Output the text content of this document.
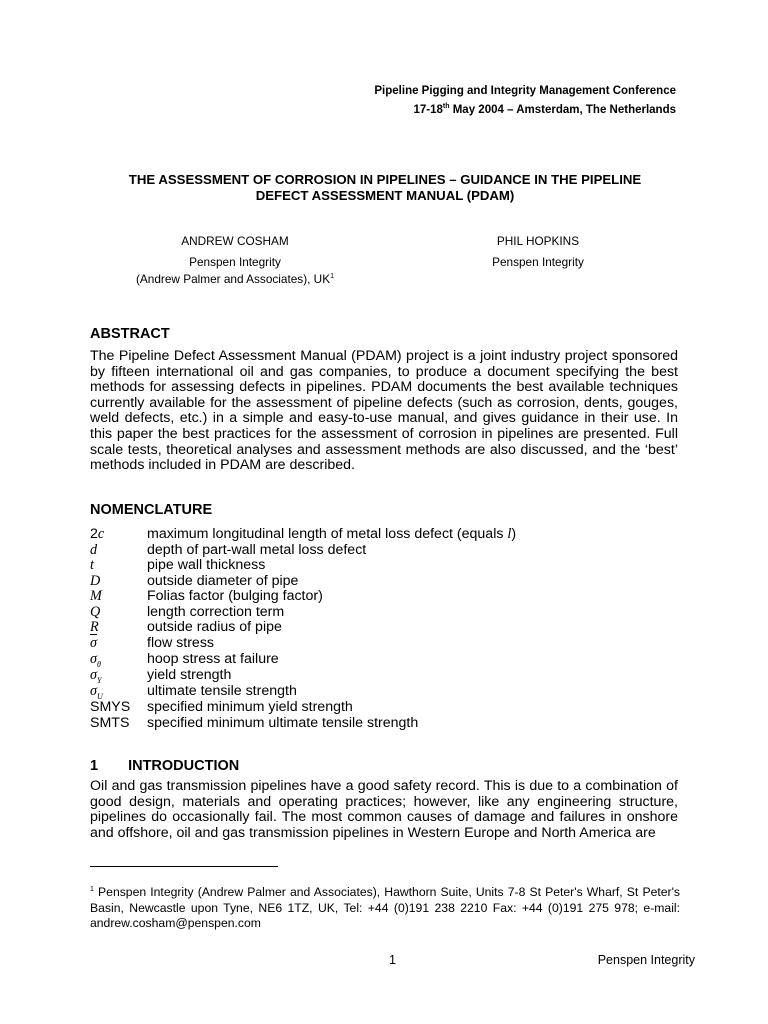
Pipeline Pigging and Integrity Management Conference
17-18th May 2004 – Amsterdam, The Netherlands
THE ASSESSMENT OF CORROSION IN PIPELINES – GUIDANCE IN THE PIPELINE
DEFECT ASSESSMENT MANUAL (PDAM)
ANDREW COSHAM
Penspen Integrity
(Andrew Palmer and Associates), $UK^1$
PHIL HOPKINS
Penspen Integrity
ABSTRACT
The Pipeline Defect Assessment Manual (PDAM) project is a joint industry project sponsored by fifteen international oil and gas companies, to produce a document specifying the best methods for assessing defects in pipelines. PDAM documents the best available techniques currently available for the assessment of pipeline defects (such as corrosion, dents, gouges, weld defects, etc.) in a simple and easy-to-use manual, and gives guidance in their use. In this paper the best practices for the assessment of corrosion in pipelines are presented. Full scale tests, theoretical analyses and assessment methods are also discussed, and the ‘best’ methods included in PDAM are described.
NOMENCLATURE
2c	maximum longitudinal length of metal loss defect (equals l)
d	depth of part-wall metal loss defect
t	pipe wall thickness
D	outside diameter of pipe
M	Folias factor (bulging factor)
Q	length correction term
R	outside radius of pipe
$\overline{\sigma}$	flow stress
$\sigma_\theta$	hoop stress at failure
$\sigma_Y$	yield strength
$\sigma_U$	ultimate tensile strength
SMYS	specified minimum yield strength
SMTS	specified minimum ultimate tensile strength
1 INTRODUCTION
Oil and gas transmission pipelines have a good safety record. This is due to a combination of good design, materials and operating practices; however, like any engineering structure, pipelines do occasionally fail. The most common causes of damage and failures in onshore and offshore, oil and gas transmission pipelines in Western Europe and North America are
$^1$ Penspen Integrity (Andrew Palmer and Associates), Hawthorn Suite, Units 7-8 St Peter's Wharf, St Peter's Basin, Newcastle upon Tyne, NE6 1TZ, UK, Tel: +44 (0)191 238 2210 Fax: +44 (0)191 275 978; e-mail: andrew.cosham@penspen.com
1	Penspen Integrity
